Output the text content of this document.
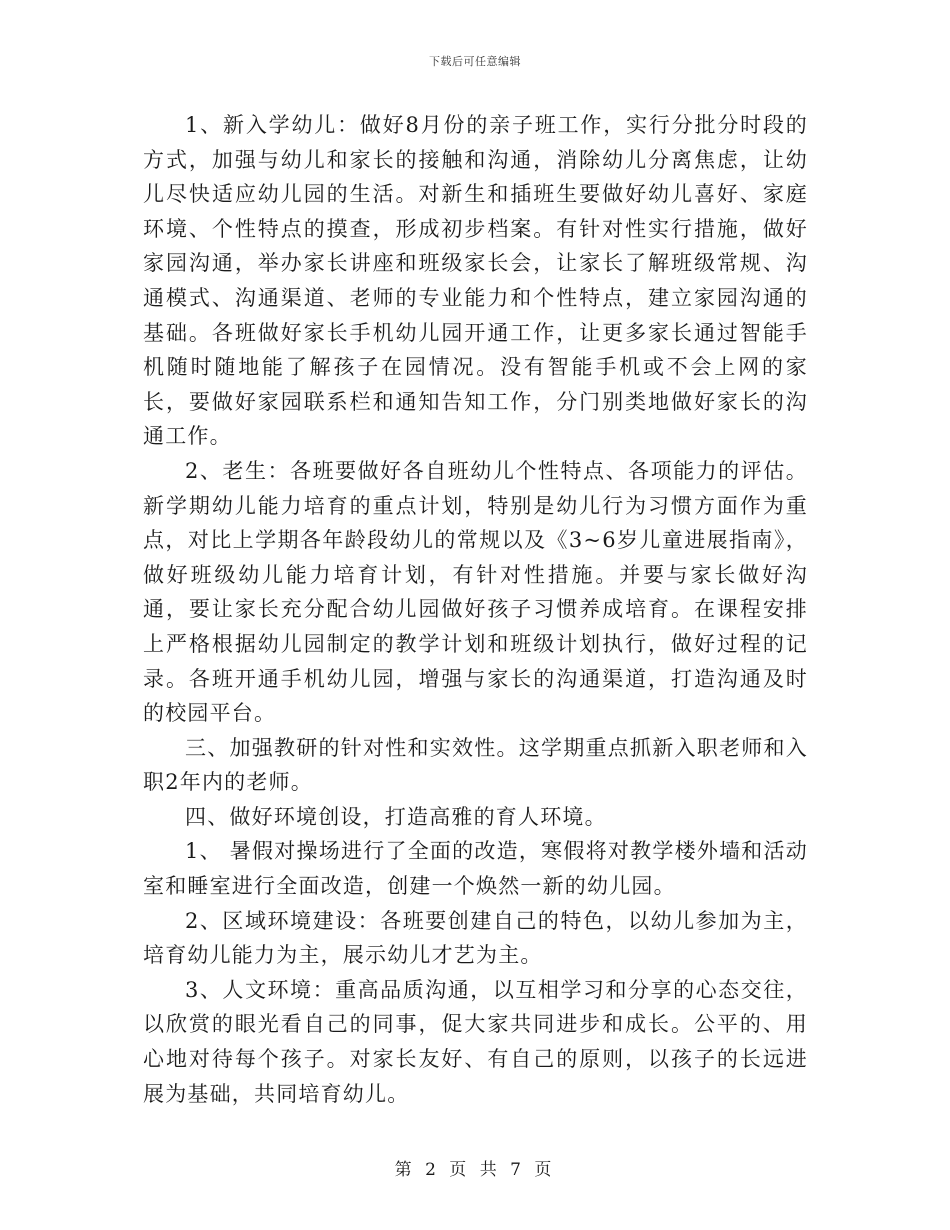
下载后可任意编辑

1、新入学幼儿：做好8月份的亲子班工作，实行分批分时段的方式，加强与幼儿和家长的接触和沟通，消除幼儿分离焦虑，让幼儿尽快适应幼儿园的生活。对新生和插班生要做好幼儿喜好、家庭环境、个性特点的摸查，形成初步档案。有针对性实行措施，做好家园沟通，举办家长讲座和班级家长会，让家长了解班级常规、沟通模式、沟通渠道、老师的专业能力和个性特点，建立家园沟通的基础。各班做好家长手机幼儿园开通工作，让更多家长通过智能手机随时随地能了解孩子在园情况。没有智能手机或不会上网的家长，要做好家园联系栏和通知告知工作，分门别类地做好家长的沟通工作。

2、老生：各班要做好各自班幼儿个性特点、各项能力的评估。新学期幼儿能力培育的重点计划，特别是幼儿行为习惯方面作为重点，对比上学期各年龄段幼儿的常规以及《3~6岁儿童进展指南》，做好班级幼儿能力培育计划，有针对性措施。并要与家长做好沟通，要让家长充分配合幼儿园做好孩子习惯养成培育。在课程安排上严格根据幼儿园制定的教学计划和班级计划执行，做好过程的记录。各班开通手机幼儿园，增强与家长的沟通渠道，打造沟通及时的校园平台。

三、加强教研的针对性和实效性。这学期重点抓新入职老师和入职2年内的老师。

四、做好环境创设，打造高雅的育人环境。

1、 暑假对操场进行了全面的改造，寒假将对教学楼外墙和活动室和睡室进行全面改造，创建一个焕然一新的幼儿园。

2、区域环境建设：各班要创建自己的特色，以幼儿参加为主，培育幼儿能力为主，展示幼儿才艺为主。

3、人文环境：重高品质沟通，以互相学习和分享的心态交往，以欣赏的眼光看自己的同事，促大家共同进步和成长。公平的、用心地对待每个孩子。对家长友好、有自己的原则，以孩子的长远进展为基础，共同培育幼儿。

第 2 页 共 7 页
